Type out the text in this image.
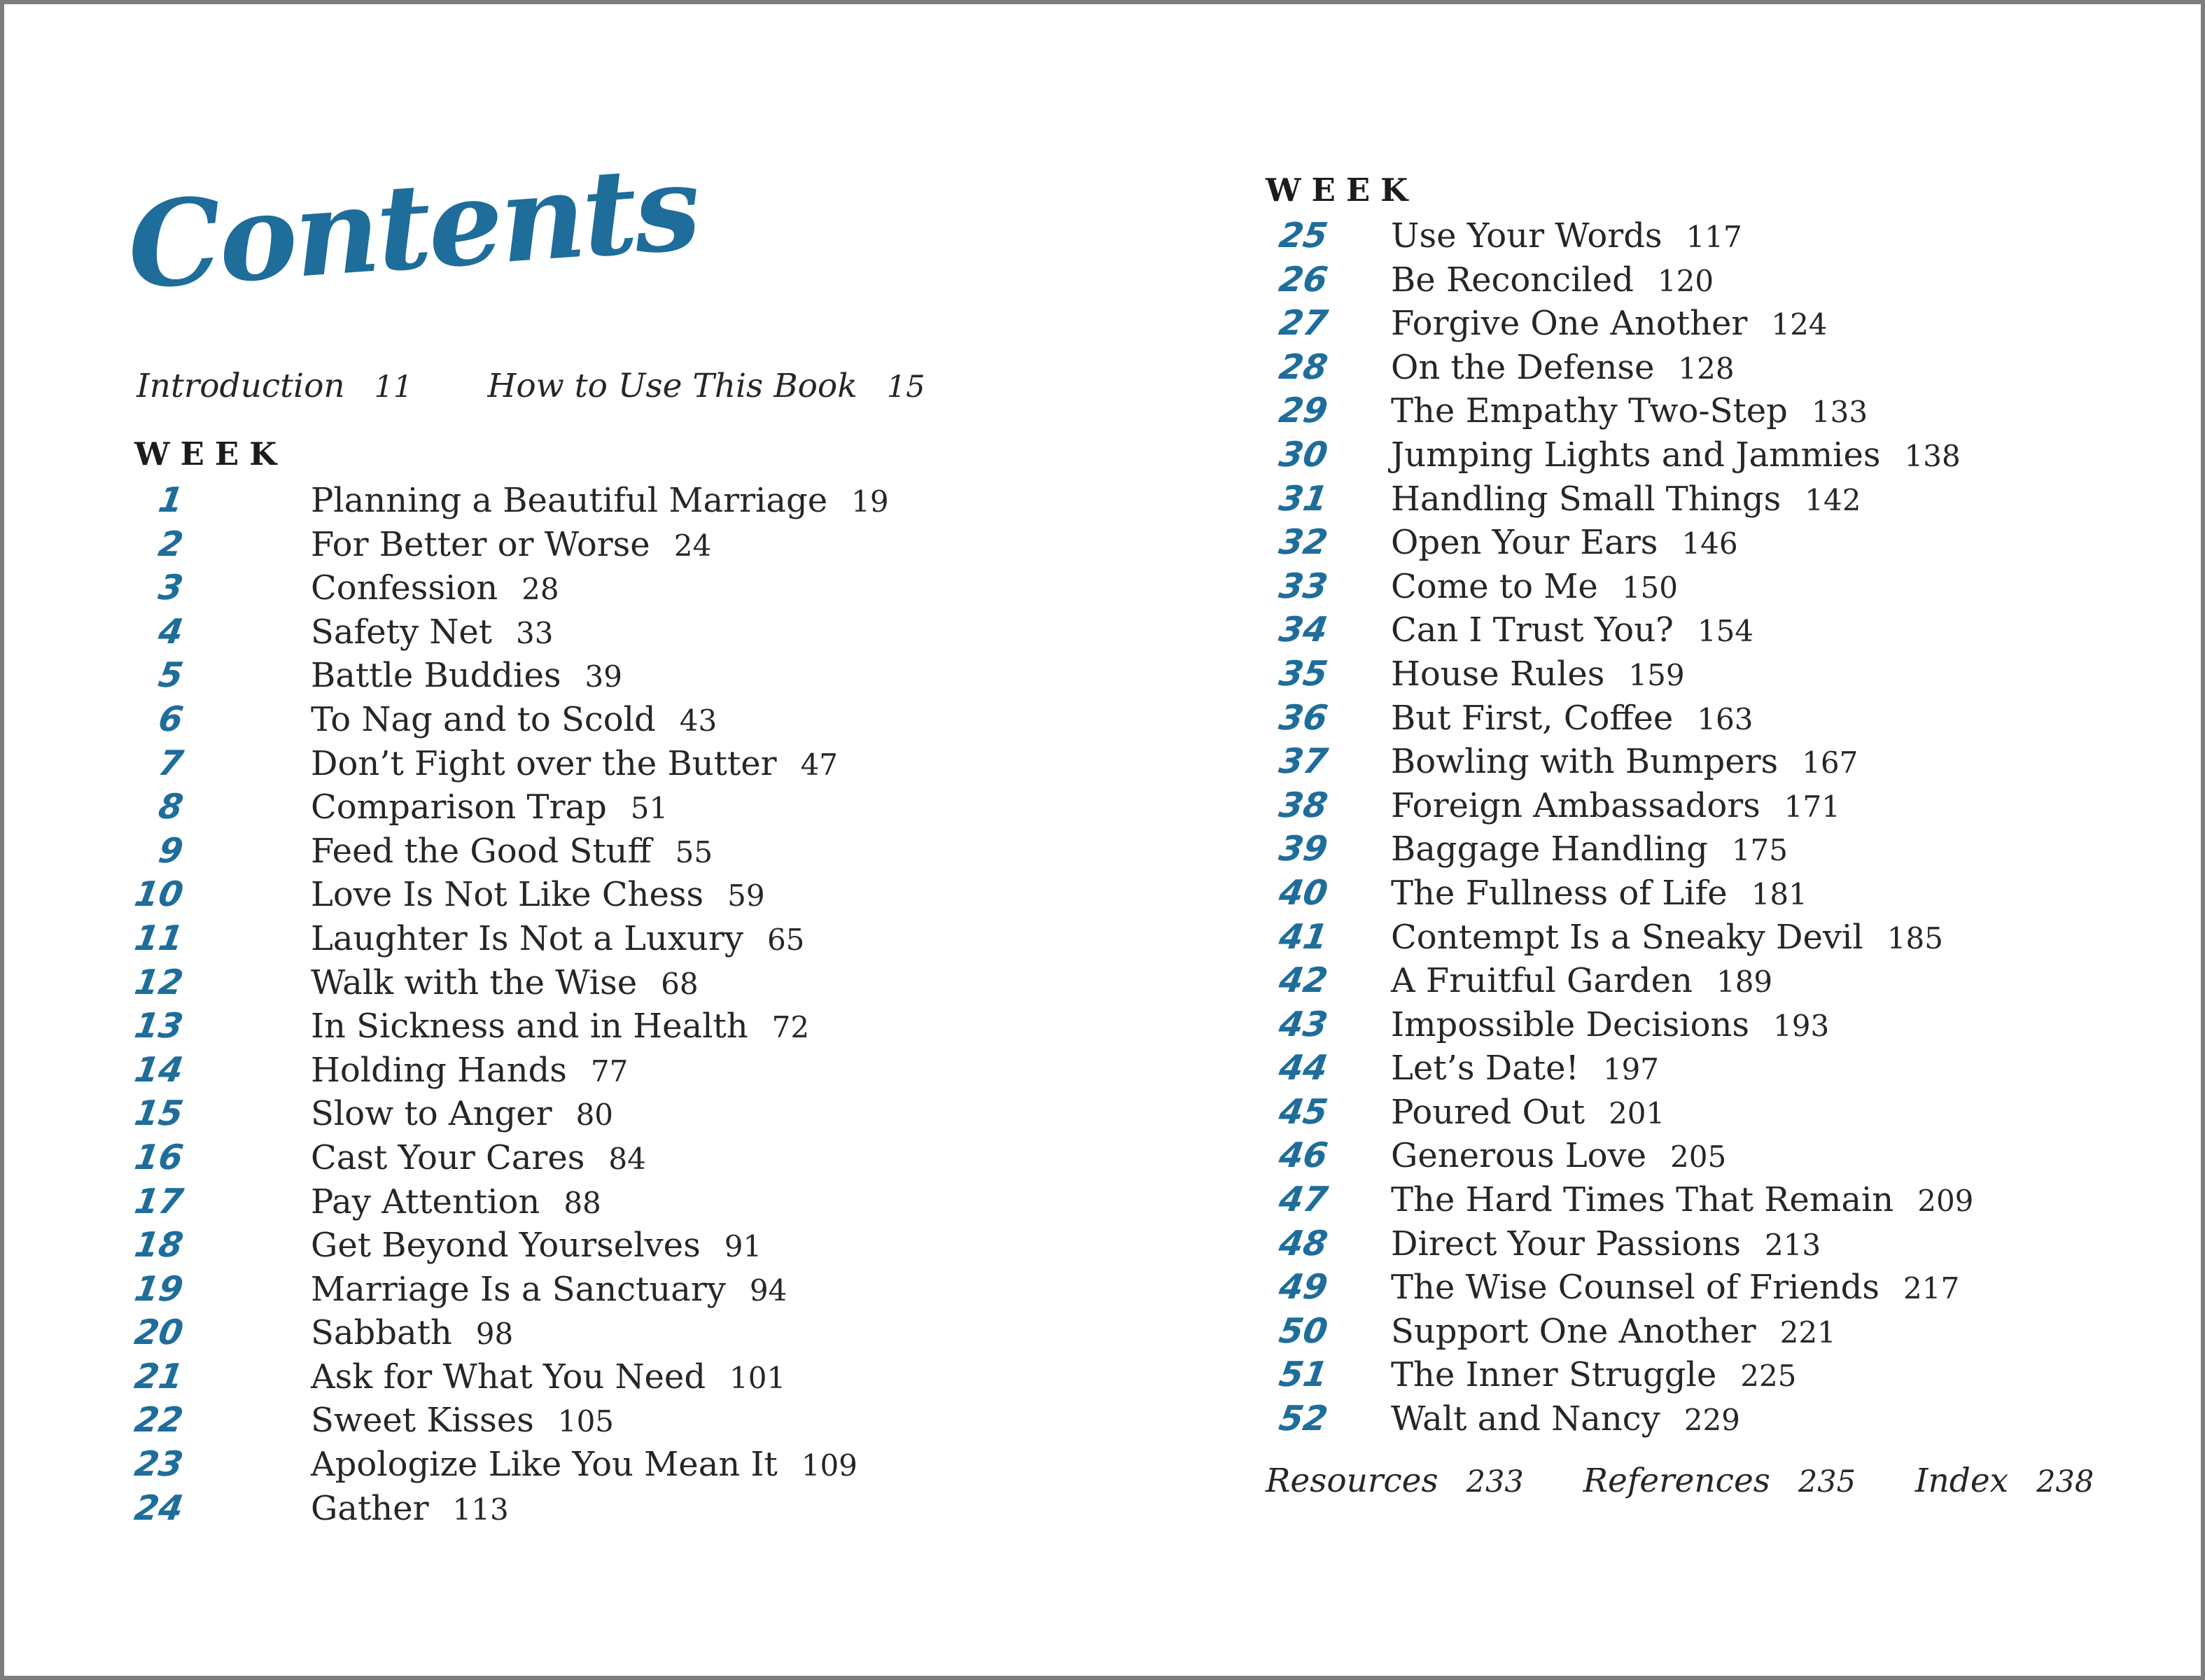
Contents
Introduction 11 How to Use This Book 15
WEEK
WEEK
1	Planning a Beautiful Marriage 19
2	For Better or Worse 24
3	Confession 28
4	Safety Net 33
5	Battle Buddies 39
6	To Nag and to Scold 43
7	Don’t Fight over the Butter 47
8	Comparison Trap 51
9	Feed the Good Stuff 55
10	Love Is Not Like Chess 59
11	Laughter Is Not a Luxury 65
12	Walk with the Wise 68
13	In Sickness and in Health 72
14	Holding Hands 77
15	Slow to Anger 80
16	Cast Your Cares 84
17	Pay Attention 88
18	Get Beyond Yourselves 91
19	Marriage Is a Sanctuary 94
20	Sabbath 98
21	Ask for What You Need 101
22	Sweet Kisses 105
23	Apologize Like You Mean It 109
24	Gather 113
25 Use Your Words 117
26 Be Reconciled 120
27 Forgive One Another 124
28 On the Defense 128
29 The Empathy Two-Step 133
30 Jumping Lights and Jammies 138
31 Handling Small Things 142
32 Open Your Ears 146
33 Come to Me 150
34 Can I Trust You? 154
35 House Rules 159
36 But First, Coffee 163
37 Bowling with Bumpers 167
38 Foreign Ambassadors 171
39 Baggage Handling 175
40 The Fullness of Life 181
41 Contempt Is a Sneaky Devil 185
42 A Fruitful Garden 189
43 Impossible Decisions 193
44 Let’s Date! 197
45 Poured Out 201
46 Generous Love 205
47 The Hard Times That Remain 209
48 Direct Your Passions 213
49 The Wise Counsel of Friends 217
50 Support One Another 221
51 The Inner Struggle 225
52 Walt and Nancy 229
Resources 233 References 235 Index 238
